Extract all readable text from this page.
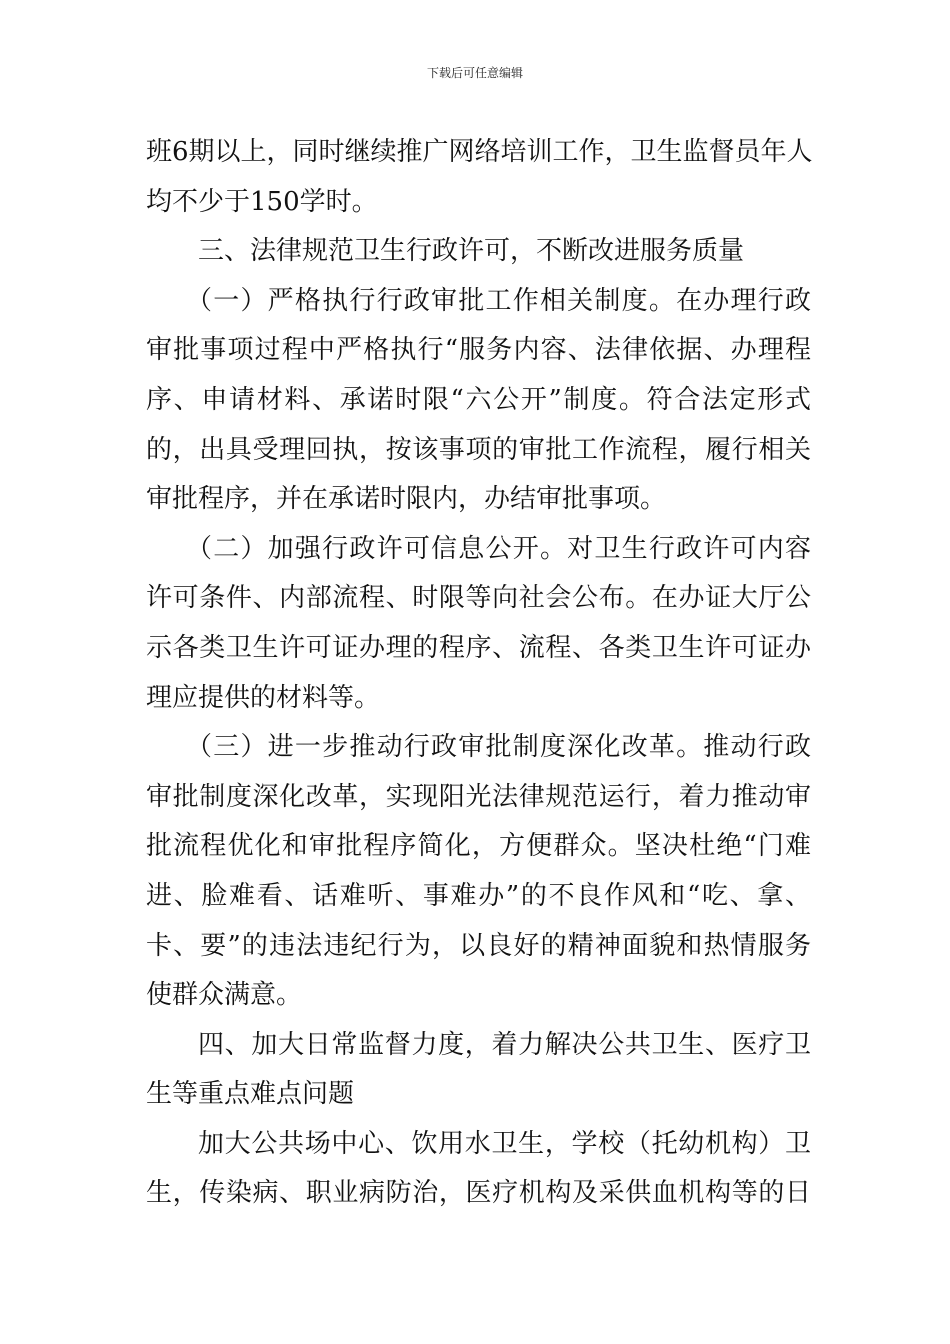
下载后可任意编辑
班6期以上，同时继续推广网络培训工作，卫生监督员年人
均不少于150学时。
三、法律规范卫生行政许可，不断改进服务质量
（一）严格执行行政审批工作相关制度。在办理行政
审批事项过程中严格执行“服务内容、法律依据、办理程
序、申请材料、承诺时限“六公开”制度。符合法定形式
的，出具受理回执，按该事项的审批工作流程，履行相关
审批程序，并在承诺时限内，办结审批事项。
（二）加强行政许可信息公开。对卫生行政许可内容
许可条件、内部流程、时限等向社会公布。在办证大厅公
示各类卫生许可证办理的程序、流程、各类卫生许可证办
理应提供的材料等。
（三）进一步推动行政审批制度深化改革。推动行政
审批制度深化改革，实现阳光法律规范运行，着力推动审
批流程优化和审批程序简化，方便群众。坚决杜绝“门难
进、脸难看、话难听、事难办”的不良作风和“吃、拿、
卡、要”的违法违纪行为，以良好的精神面貌和热情服务
使群众满意。
四、加大日常监督力度，着力解决公共卫生、医疗卫
生等重点难点问题
加大公共场中心、饮用水卫生，学校（托幼机构）卫
生，传染病、职业病防治，医疗机构及采供血机构等的日
